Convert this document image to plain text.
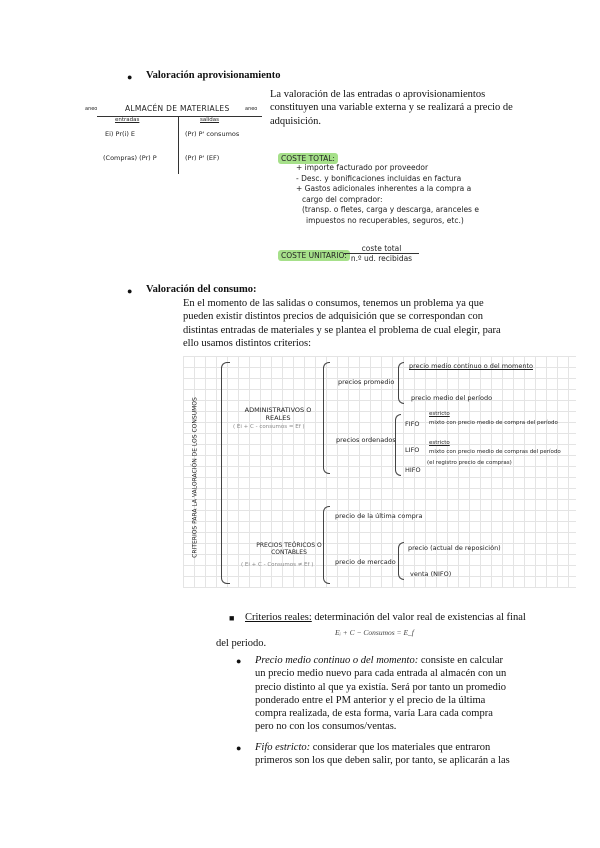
● Valoración aprovisionamiento
La valoración de las entradas o aprovisionamientos
constituyen una variable externa y se realizará a precio de
adquisición.
aneo	ALMACÉN DE MATERIALES	aneo
entradas	salidas
Ei) Pr(i) E	(Pr) P' consumos
(Compras) (Pr) P	(Pr) P' (EF)	COSTE TOTAL:
+ importe facturado por proveedor
- Desc. y bonificaciones incluidas en factura
+ Gastos adicionales inherentes a la compra a
cargo del comprador:
(transp. o fletes, carga y descarga, aranceles e
impuestos no recuperables, seguros, etc.)
COSTE UNITARIO:
coste total
n.º ud. recibidas
● Valoración del consumo:
En el momento de las salidas o consumos, tenemos un problema ya que
pueden existir distintos precios de adquisición que se correspondan con
distintas entradas de materiales y se plantea el problema de cual elegir, para
ello usamos distintos criterios:
CRITERIOS PARA LA VALORACIÓN DE LOS CONSUMOS	ADMINISTRATIVOS O REALES
( Ei + C - consumos = Ef )
precios promedio
precio medio continuo o del momento
precio medio del período
precios ordenados
FIFO
estricto
mixto con precio medio de compra del período
LIFO
estricto
mixto con precio medio de compras del período
HIFO
(el registro precio de compras)
PRECIOS TEÓRICOS O CONTABLES
( Ei + C - Consumos ≠ Ef )
precio de la última compra
precio de mercado
precio (actual de reposición)
venta (NIFO)
■ Criterios reales: determinación del valor real de existencias al final
Eᵢ + C − Consumos = E_f
del periodo.
● Precio medio continuo o del momento: consiste en calcular
un precio medio nuevo para cada entrada al almacén con un
precio distinto al que ya existía. Será por tanto un promedio
ponderado entre el PM anterior y el precio de la última
compra realizada, de esta forma, varía Lara cada compra
pero no con los consumos/ventas.
● Fifo estricto: considerar que los materiales que entraron
primeros son los que deben salir, por tanto, se aplicarán a las
